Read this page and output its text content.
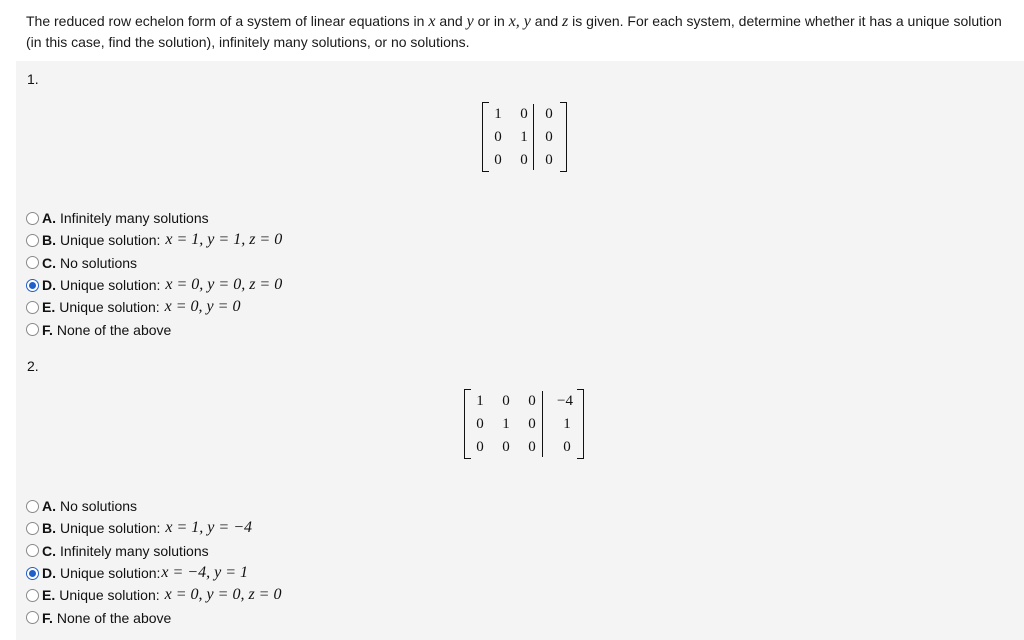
The reduced row echelon form of a system of linear equations in x and y or in x, y and z is given. For each system, determine whether it has a unique solution (in this case, find the solution), infinitely many solutions, or no solutions.
1.
1	0	0
0	1	0
0	0	0
A. Infinitely many solutions
B. Unique solution: x = 1, y = 1, z = 0
C. No solutions
D. Unique solution: x = 0, y = 0, z = 0
E. Unique solution: x = 0, y = 0
F. None of the above
2.
1	0	0	−4
0	1	0	1
0	0	0	0
A. No solutions
B. Unique solution: x = 1, y = −4
C. Infinitely many solutions
D. Unique solution: x = −4, y = 1
E. Unique solution: x = 0, y = 0, z = 0
F. None of the above
